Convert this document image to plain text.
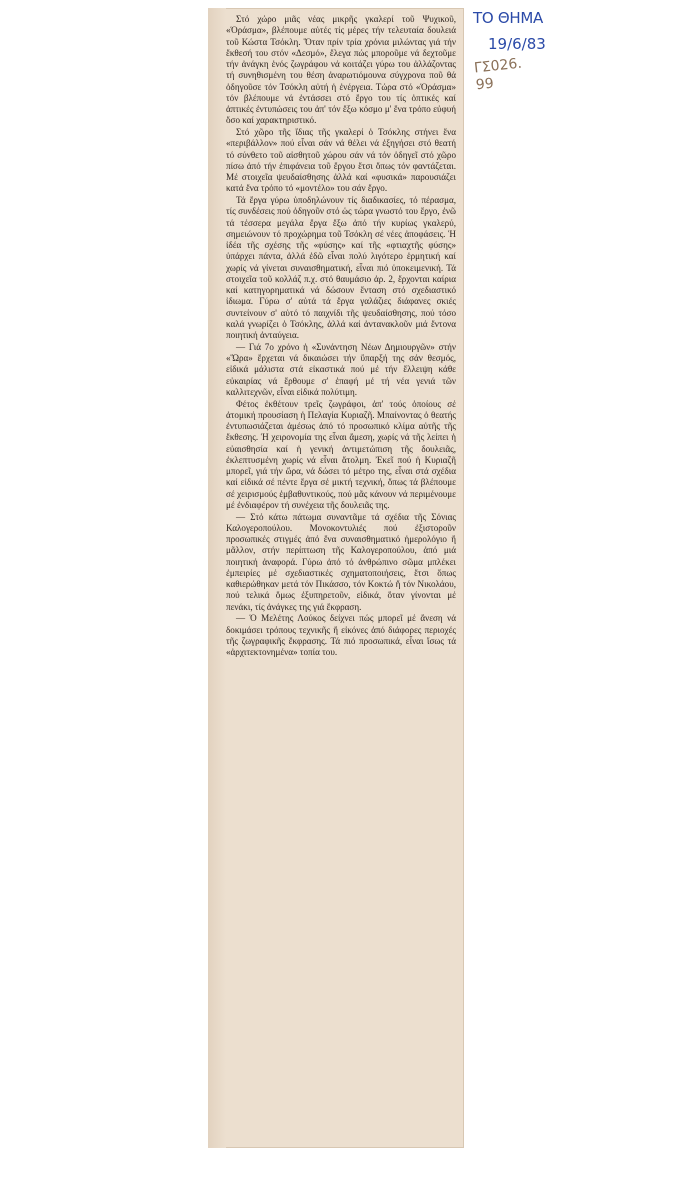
Στό χώρο μιᾶς νέας μικρῆς γκαλερί τοῦ Ψυχικοῦ, «Ὁράσμα», βλέπουμε αὐτές τίς μέρες τήν τελευταία δουλειά τοῦ Κώστα Τσόκλη. Ὅταν πρίν τρία χρόνια μιλώντας γιά τήν ἔκθεσή του στόν «Δεσμό», ἔλεγα πώς μποροῦμε νά δεχτοῦμε τήν ἀνάγκη ἑνός ζωγράφου νά κοιτάζει γύρω του ἀλλάζοντας τή συνηθισμένη του θέση ἀναρωτιόμουνα σύγχρονα ποῦ θά ὁδηγοῦσε τόν Τσόκλη αὐτή ἡ ἐνέργεια. Τώρα στό «Ὁράσμα» τόν βλέπουμε νά ἐντάσσει στό ἔργο του τίς ὀπτικές καί ἁπτικές ἐντυπώσεις του ἀπ' τόν ἔξω κόσμο μ' ἕνα τρόπο εὐφυή ὅσο καί χαρακτηριστικό.

Στό χῶρο τῆς ἴδιας τῆς γκαλερί ὁ Τσόκλης στήνει ἕνα «περιβάλλον» πού εἶναι σάν νά θέλει νά ἐξηγήσει στό θεατή τό σύνθετο τοῦ αἰσθητοῦ χώρου σάν νά τόν ὁδηγεῖ στό χῶρο πίσω ἀπό τήν ἐπιφάνεια τοῦ ἔργου ἔτσι ὅπως τόν φαντάζεται. Μέ στοιχεῖα ψευδαίσθησης ἀλλά καί «φυσικά» παρουσιάζει κατά ἕνα τρόπο τό «μοντέλο» του σάν ἔργο.

Τά ἔργα γύρω ὑποδηλώνουν τίς διαδικασίες, τό πέρασμα, τίς συνδέσεις πού ὁδηγοῦν στό ὡς τώρα γνωστό του ἔργο, ἐνῶ τά τέσσερα μεγάλα ἔργα ἔξω ἀπό τήν κυρίως γκαλερύ, σημειώνουν τό προχώρημα τοῦ Τσόκλη σέ νέες ἀποφάσεις. Ἡ ἰδέα τῆς σχέσης τῆς «φύσης» καί τῆς «φτιαχτῆς φύσης» ὑπάρχει πάντα, ἀλλά ἐδῶ εἶναι πολύ λιγότερο ἑρμητική καί χωρίς νά γίνεται συναισθηματική, εἶναι πιό ὑποκειμενική. Τά στοιχεῖα τοῦ κολλάζ π.χ. στό θαυμάσιο ἀρ. 2, ἔρχονται καίρια καί κατηγορηματικά νά δώσουν ἔνταση στό σχεδιαστικό ἰδιωμα. Γύρω σ' αὐτά τά ἔργα γαλάζιες διάφανες σκιές συντείνουν σ' αὐτό τό παιχνίδι τῆς ψευδαίσθησης, πού τόσο καλά γνωρίζει ὁ Τσόκλης, ἀλλά καί ἀντανακλοῦν μιά ἔντονα ποιητική ἀνταύγεια.

— Γιά 7ο χρόνο ἡ «Συνάντηση Νέων Δημιουργῶν» στήν «Ὥρα» ἔρχεται νά δικαιώσει τήν ὕπαρξή της σάν θεσμός, εἰδικά μάλιστα στά εἰκαστικά πού μέ τήν ἔλλειψη κάθε εὐκαιρίας νά ἔρθουμε σ' ἐπαφή μέ τή νέα γενιά τῶν καλλιτεχνῶν, εἶναι εἰδικά πολύτιμη.

Φέτος ἐκθέτουν τρεῖς ζωγράφοι, ἀπ' τούς ὁποίους σέ ἀτομική προυσίαση ἡ Πελαγία Κυριαζῆ. Μπαίνοντας ὁ θεατής ἐντυπωσιάζεται ἀμέσως ἀπό τό προσωπικό κλίμα αὐτῆς τῆς ἔκθεσης. Ἡ χειρονομία της εἶναι ἄμεση, χωρίς νά τῆς λείπει ἡ εὐαισθησία καί ἡ γενική ἀντιμετώπιση τῆς δουλειᾶς, ἐκλεπτυσμένη χωρίς νά εἶναι ἄτολμη. Ἐκεῖ πού ἡ Κυριαζῆ μπορεῖ, γιά τήν ὥρα, νά δώσει τό μέτρο της, εἶναι στά σχέδια καί εἰδικά σέ πέντε ἔργα σέ μικτή τεχνική, ὅπως τά βλέπουμε σέ χειρισμούς ἐμβαθυντικούς, πού μᾶς κάνουν νά περιμένουμε μέ ἐνδιαφέρον τή συνέχεια τῆς δουλειᾶς της.

— Στό κάτω πάτωμα συναντᾶμε τά σχέδια τῆς Σόνιας Καλογεροπούλου. Μονοκοντυλιές πού ἐξιστοροῦν προσωπικές στιγμές ἀπό ἕνα συναισθηματικό ἡμερολόγιο ἤ μᾶλλον, στήν περίπτωση τῆς Καλογεροπούλου, ἀπό μιά ποιητική ἀναφορά. Γύρω ἀπό τό ἀνθρώπινο σῶμα μπλέκει ἐμπειρίες μέ σχεδιαστικές σχηματοποιήσεις, ἔτσι ὅπως καθιερώθηκαν μετά τόν Πικάσσο, τόν Κοκτώ ἤ τόν Νικολάου, πού τελικά ὅμως ἐξυπηρετοῦν, εἰδικά, ὅταν γίνονται μέ πενάκι, τίς ἀνάγκες της γιά ἔκφραση.

— Ὁ Μελέτης Λούκος δείχνει πώς μπορεῖ μέ ἄνεση νά δοκιμάσει τρόπους τεχνικῆς ἤ εἰκόνες ἀπό διάφορες περιοχές τῆς ζωγραφικῆς ἔκφρασης. Τά πιό προσωπικά, εἶναι ἴσως τά «ἀρχιτεκτονημένα» τοπία του.

ΤΟ ΘΗΜΑ
19/6/83
ΓΣ026.
99
